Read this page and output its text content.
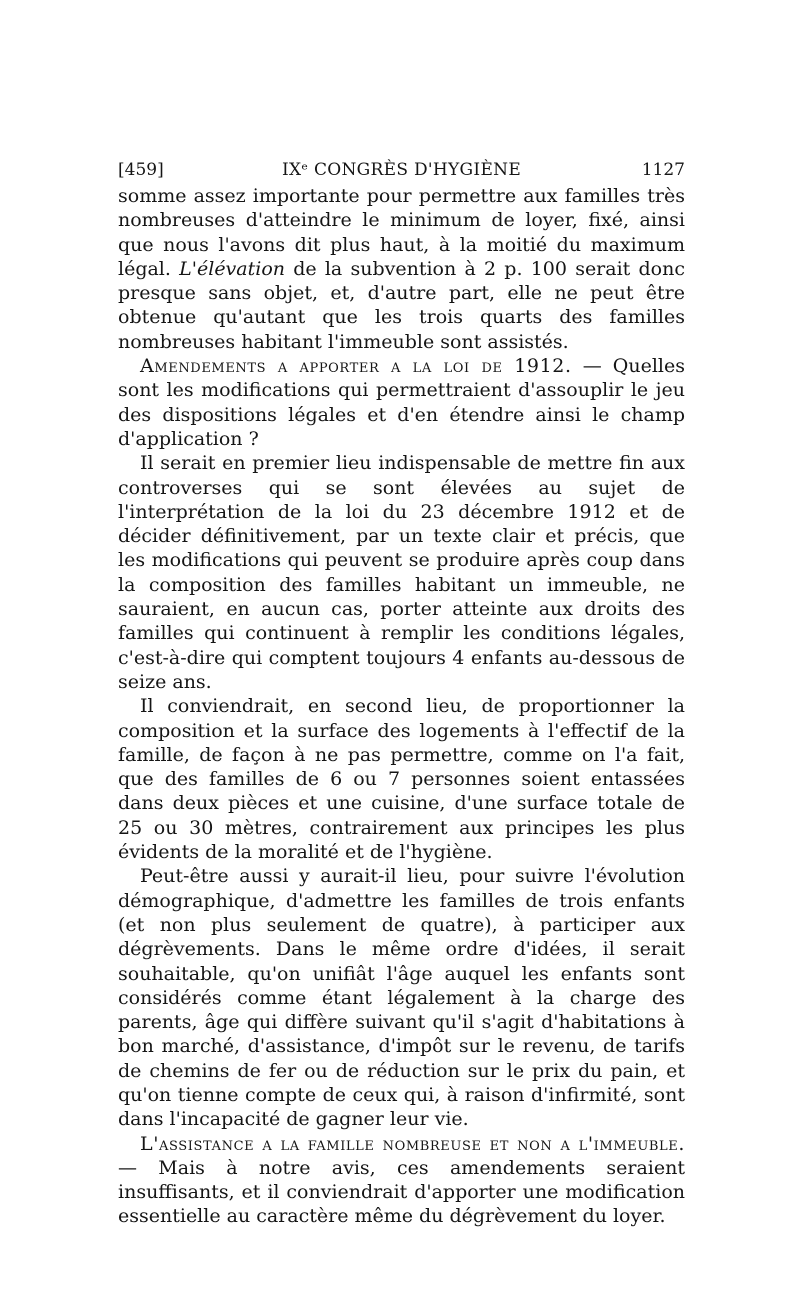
[459]	IXᵉ CONGRÈS D'HYGIÈNE	1127

somme assez importante pour permettre aux familles très nombreuses d'atteindre le minimum de loyer, fixé, ainsi que nous l'avons dit plus haut, à la moitié du maximum légal. L'élévation de la subvention à 2 p. 100 serait donc presque sans objet, et, d'autre part, elle ne peut être obtenue qu'autant que les trois quarts des familles nombreuses habitant l'immeuble sont assistés.

Amendements a apporter a la loi de 1912. — Quelles sont les modifications qui permettraient d'assouplir le jeu des dispositions légales et d'en étendre ainsi le champ d'application ?

Il serait en premier lieu indispensable de mettre fin aux controverses qui se sont élevées au sujet de l'interprétation de la loi du 23 décembre 1912 et de décider définitivement, par un texte clair et précis, que les modifications qui peuvent se produire après coup dans la composition des familles habitant un immeuble, ne sauraient, en aucun cas, porter atteinte aux droits des familles qui continuent à remplir les conditions légales, c'est-à-dire qui comptent toujours 4 enfants au-dessous de seize ans.

Il conviendrait, en second lieu, de proportionner la composition et la surface des logements à l'effectif de la famille, de façon à ne pas permettre, comme on l'a fait, que des familles de 6 ou 7 personnes soient entassées dans deux pièces et une cuisine, d'une surface totale de 25 ou 30 mètres, contrairement aux principes les plus évidents de la moralité et de l'hygiène.

Peut-être aussi y aurait-il lieu, pour suivre l'évolution démographique, d'admettre les familles de trois enfants (et non plus seulement de quatre), à participer aux dégrèvements. Dans le même ordre d'idées, il serait souhaitable, qu'on unifiât l'âge auquel les enfants sont considérés comme étant légalement à la charge des parents, âge qui diffère suivant qu'il s'agit d'habitations à bon marché, d'assistance, d'impôt sur le revenu, de tarifs de chemins de fer ou de réduction sur le prix du pain, et qu'on tienne compte de ceux qui, à raison d'infirmité, sont dans l'incapacité de gagner leur vie.

L'assistance a la famille nombreuse et non a l'immeuble. — Mais à notre avis, ces amendements seraient insuffisants, et il conviendrait d'apporter une modification essentielle au caractère même du dégrèvement du loyer.
